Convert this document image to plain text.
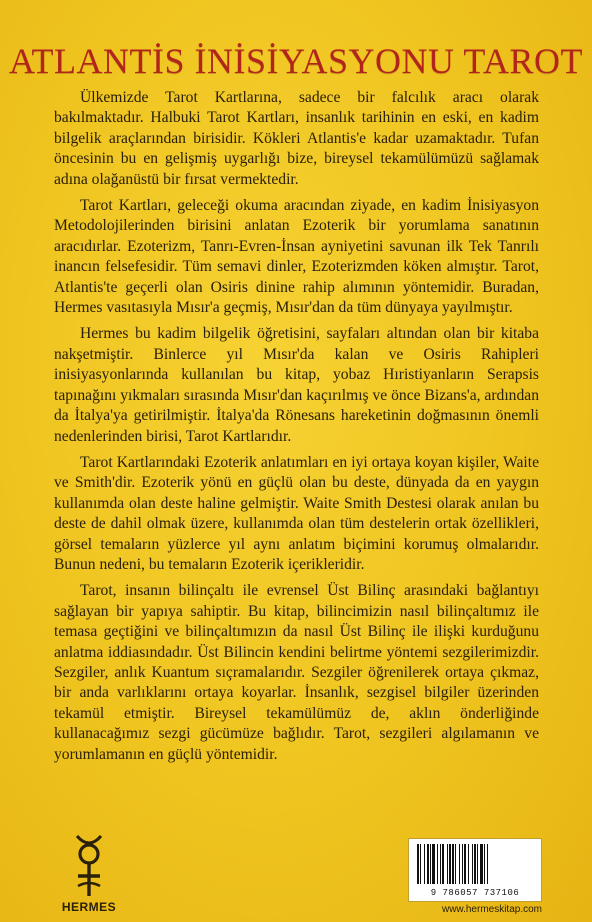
ATLANTİS İNİSİYASYONU TAROT

Ülkemizde Tarot Kartlarına, sadece bir falcılık aracı olarak bakılmaktadır. Halbuki Tarot Kartları, insanlık tarihinin en eski, en kadim bilgelik araçlarından birisidir. Kökleri Atlantis'e kadar uzamaktadır. Tufan öncesinin bu en gelişmiş uygarlığı bize, bireysel tekamülümüzü sağlamak adına olağanüstü bir fırsat vermektedir.

Tarot Kartları, geleceği okuma aracından ziyade, en kadim İnisiyasyon Metodolojilerinden birisini anlatan Ezoterik bir yorumlama sanatının aracıdırlar. Ezoterizm, Tanrı-Evren-İnsan ayniyetini savunan ilk Tek Tanrılı inancın felsefesidir. Tüm semavi dinler, Ezoterizmden köken almıştır. Tarot, Atlantis'te geçerli olan Osiris dinine rahip alımının yöntemidir. Buradan, Hermes vasıtasıyla Mısır'a geçmiş, Mısır'dan da tüm dünyaya yayılmıştır.

Hermes bu kadim bilgelik öğretisini, sayfaları altından olan bir kitaba nakşetmiştir. Binlerce yıl Mısır'da kalan ve Osiris Rahipleri inisiyasyonlarında kullanılan bu kitap, yobaz Hıristiyanların Serapsis tapınağını yıkmaları sırasında Mısır'dan kaçırılmış ve önce Bizans'a, ardından da İtalya'ya getirilmiştir. İtalya'da Rönesans hareketinin doğmasının önemli nedenlerinden birisi, Tarot Kartlarıdır.

Tarot Kartlarındaki Ezoterik anlatımları en iyi ortaya koyan kişiler, Waite ve Smith'dir. Ezoterik yönü en güçlü olan bu deste, dünyada da en yaygın kullanımda olan deste haline gelmiştir. Waite Smith Destesi olarak anılan bu deste de dahil olmak üzere, kullanımda olan tüm destelerin ortak özellikleri, görsel temaların yüzlerce yıl aynı anlatım biçimini korumuş olmalarıdır. Bunun nedeni, bu temaların Ezoterik içerikleridir.

Tarot, insanın bilinçaltı ile evrensel Üst Bilinç arasındaki bağlantıyı sağlayan bir yapıya sahiptir. Bu kitap, bilincimizin nasıl bilinçaltımız ile temasa geçtiğini ve bilinçaltımızın da nasıl Üst Bilinç ile ilişki kurduğunu anlatma iddiasındadır. Üst Bilincin kendini belirtme yöntemi sezgilerimizdir. Sezgiler, anlık Kuantum sıçramalarıdır. Sezgiler öğrenilerek ortaya çıkmaz, bir anda varlıklarını ortaya koyarlar. İnsanlık, sezgisel bilgiler üzerinden tekamül etmiştir. Bireysel tekamülümüz de, aklın önderliğinde kullanacağımız sezgi gücümüze bağlıdır. Tarot, sezgileri algılamanın ve yorumlamanın en güçlü yöntemidir.

HERMES
9 786057 737106
www.hermeskitap.com
